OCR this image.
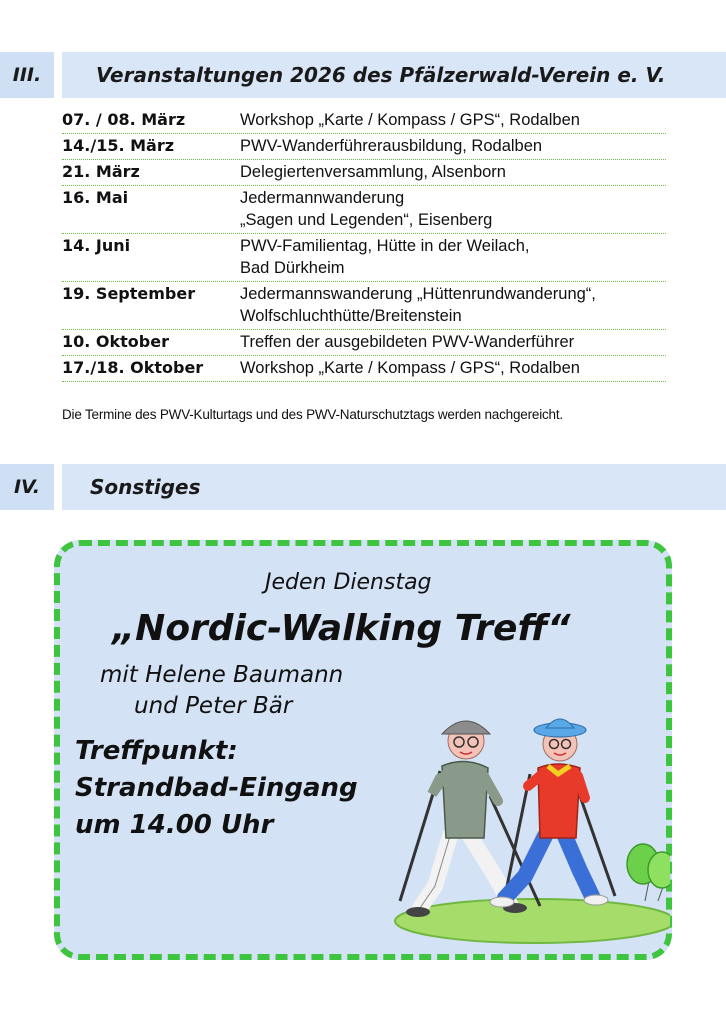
III.	Veranstaltungen 2026 des Pfälzerwald-Verein e. V.
07. / 08. März	Workshop „Karte / Kompass / GPS“, Rodalben
14./15. März	PWV-Wanderführerausbildung, Rodalben
21. März	Delegiertenversammlung, Alsenborn
16. Mai	Jedermannwanderung
„Sagen und Legenden“, Eisenberg
14. Juni	PWV-Familientag, Hütte in der Weilach,
Bad Dürkheim
19. September	Jedermannswanderung „Hüttenrundwanderung“,
Wolfschluchthütte/Breitenstein
10. Oktober	Treffen der ausgebildeten PWV-Wanderführer
17./18. Oktober	Workshop „Karte / Kompass / GPS“, Rodalben
Die Termine des PWV-Kulturtags und des PWV-Naturschutztags werden nachgereicht.
IV.	Sonstiges
Jeden Dienstag
„Nordic-Walking Treff“
mit Helene Baumann
und Peter Bär
Treffpunkt:
Strandbad-Eingang
um 14.00 Uhr
